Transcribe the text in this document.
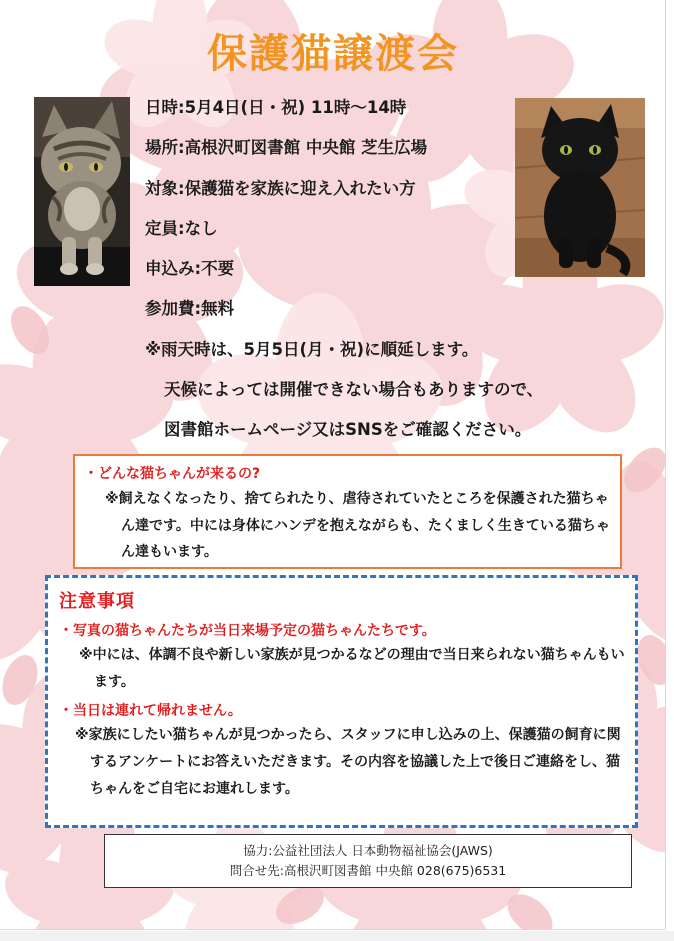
保護猫譲渡会
日時:5月4日(日・祝) 11時～14時
場所:高根沢町図書館 中央館 芝生広場
対象:保護猫を家族に迎え入れたい方
定員:なし
申込み:不要
参加費:無料
※雨天時は、5月5日(月・祝)に順延します。
天候によっては開催できない場合もありますので、
図書館ホームページ又はSNSをご確認ください。
・どんな猫ちゃんが来るの?
※飼えなくなったり、捨てられたり、虐待されていたところを保護された猫ちゃん達です。中には身体にハンデを抱えながらも、たくましく生きている猫ちゃん達もいます。
注意事項
・写真の猫ちゃんたちが当日来場予定の猫ちゃんたちです。
※中には、体調不良や新しい家族が見つかるなどの理由で当日来られない猫ちゃんもいます。
・当日は連れて帰れません。
※家族にしたい猫ちゃんが見つかったら、スタッフに申し込みの上、保護猫の飼育に関するアンケートにお答えいただきます。その内容を協議した上で後日ご連絡をし、猫ちゃんをご自宅にお連れします。
協力:公益社団法人 日本動物福祉協会(JAWS)
問合せ先:高根沢町図書館 中央館 028(675)6531
